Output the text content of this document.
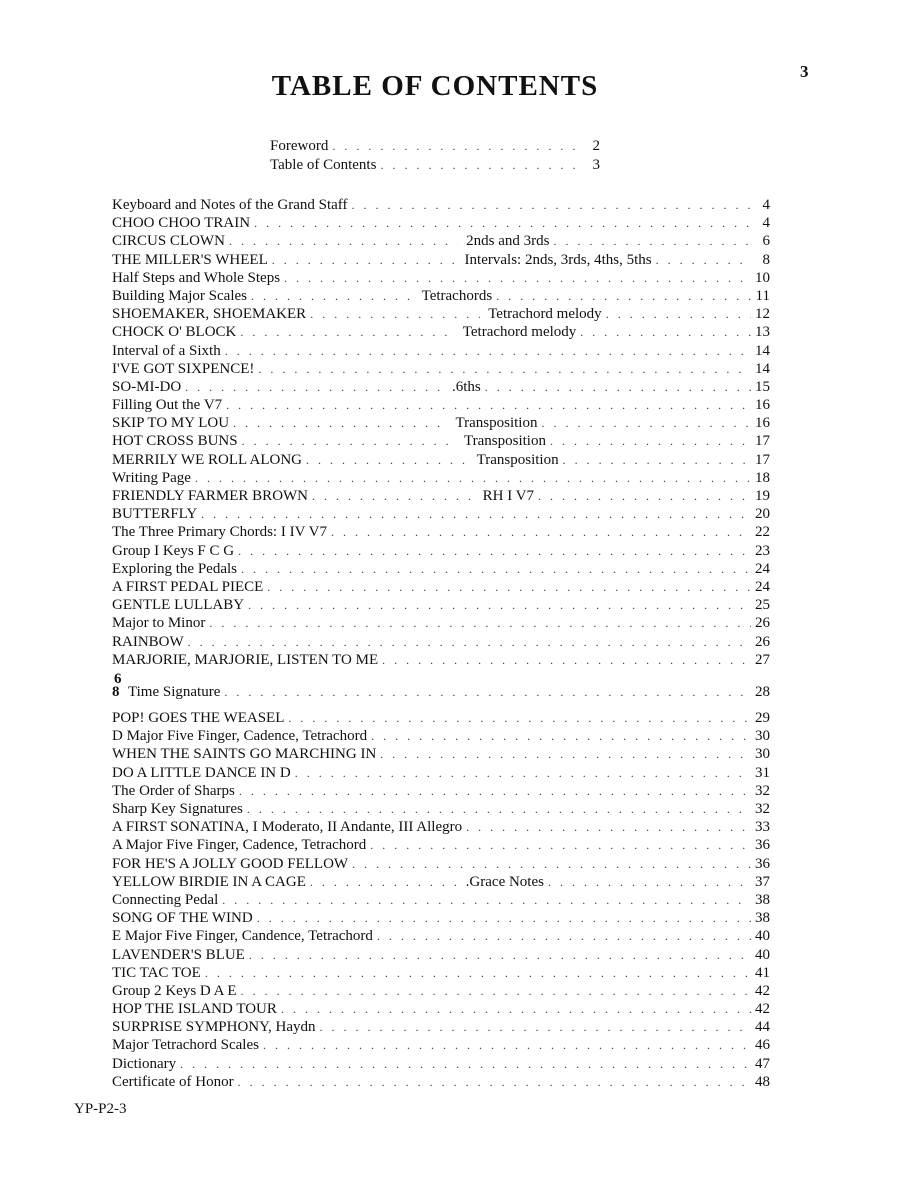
3
TABLE OF CONTENTS
Foreword . . .	2
Table of Contents . . .	3
Keyboard and Notes of the Grand Staff . . .	4
CHOO CHOO TRAIN . . .	4
CIRCUS CLOWN . . .	2nds and 3rds . . .	6
THE MILLER'S WHEEL . . .	Intervals: 2nds, 3rds, 4ths, 5ths . . .	8
Half Steps and Whole Steps . . .	10
Building Major Scales . . .	Tetrachords . . .	11
SHOEMAKER, SHOEMAKER . . .	Tetrachord melody . . .	12
CHOCK O' BLOCK . . .	Tetrachord melody . . .	13
Interval of a Sixth . . .	14
I'VE GOT SIXPENCE! . . .	14
SO-MI-DO . . .	.6ths . . .	15
Filling Out the V7 . . .	16
SKIP TO MY LOU . . .	Transposition . . .	16
HOT CROSS BUNS . . .	Transposition . . .	17
MERRILY WE ROLL ALONG . . .	Transposition . . .	17
Writing Page . . .	18
FRIENDLY FARMER BROWN . . .	RH I V7 . . .	19
BUTTERFLY . . .	20
The Three Primary Chords: I IV V7 . . .	22
Group I Keys F C G . . .	23
Exploring the Pedals . . .	24
A FIRST PEDAL PIECE . . .	24
GENTLE LULLABY . . .	25
Major to Minor . . .	26
RAINBOW . . .	26
MARJORIE, MARJORIE, LISTEN TO ME . . .	27
6
8 Time Signature . . .	28
POP! GOES THE WEASEL . . .	29
D Major Five Finger, Cadence, Tetrachord . . .	30
WHEN THE SAINTS GO MARCHING IN . . .	30
DO A LITTLE DANCE IN D . . .	31
The Order of Sharps . . .	32
Sharp Key Signatures . . .	32
A FIRST SONATINA, I Moderato, II Andante, III Allegro . . .	33
A Major Five Finger, Cadence, Tetrachord . . .	36
FOR HE'S A JOLLY GOOD FELLOW . . .	36
YELLOW BIRDIE IN A CAGE . . .	.Grace Notes . . .	37
Connecting Pedal . . .	38
SONG OF THE WIND . . .	38
E Major Five Finger, Candence, Tetrachord . . .	40
LAVENDER'S BLUE . . .	40
TIC TAC TOE . . .	41
Group 2 Keys D A E . . .	42
HOP THE ISLAND TOUR . . .	42
SURPRISE SYMPHONY, Haydn . . .	44
Major Tetrachord Scales . . .	46
Dictionary . . .	47
Certificate of Honor . . .	48
YP-P2-3
